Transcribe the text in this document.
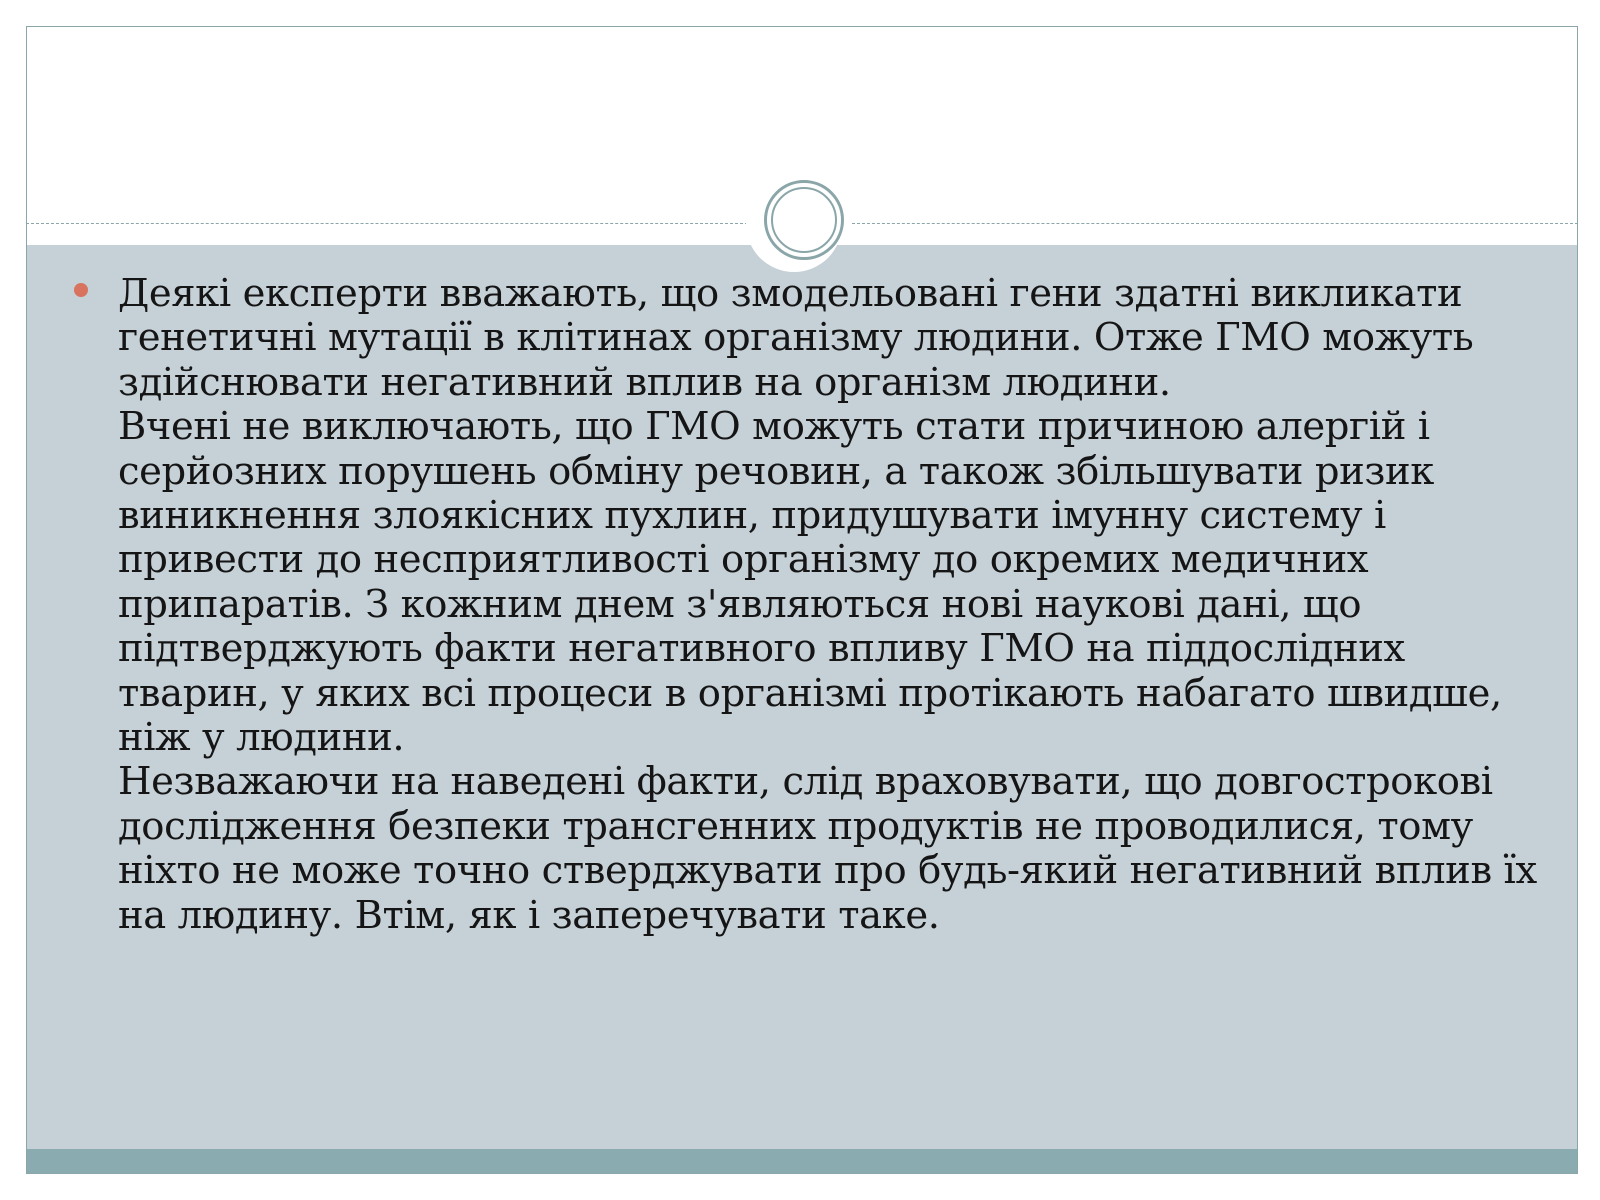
Деякі експерти вважають, що змодельовані гени здатні викликати генетичні мутації в клітинах організму людини. Отже ГМО можуть здійснювати негативний вплив на організм людини.
Вчені не виключають, що ГМО можуть стати причиною алергій і серйозних порушень обміну речовин, а також збільшувати ризик виникнення злоякісних пухлин, придушувати імунну систему і привести до несприятливості організму до окремих медичних припаратів. З кожним днем з'являються нові наукові дані, що підтверджують факти негативного впливу ГМО на піддослідних тварин, у яких всі процеси в організмі протікають набагато швидше, ніж у людини.
Незважаючи на наведені факти, слід враховувати, що довгострокові дослідження безпеки трансгенних продуктів не проводилися, тому ніхто не може точно стверджувати про будь-який негативний вплив їх на людину. Втім, як і заперечувати таке.
